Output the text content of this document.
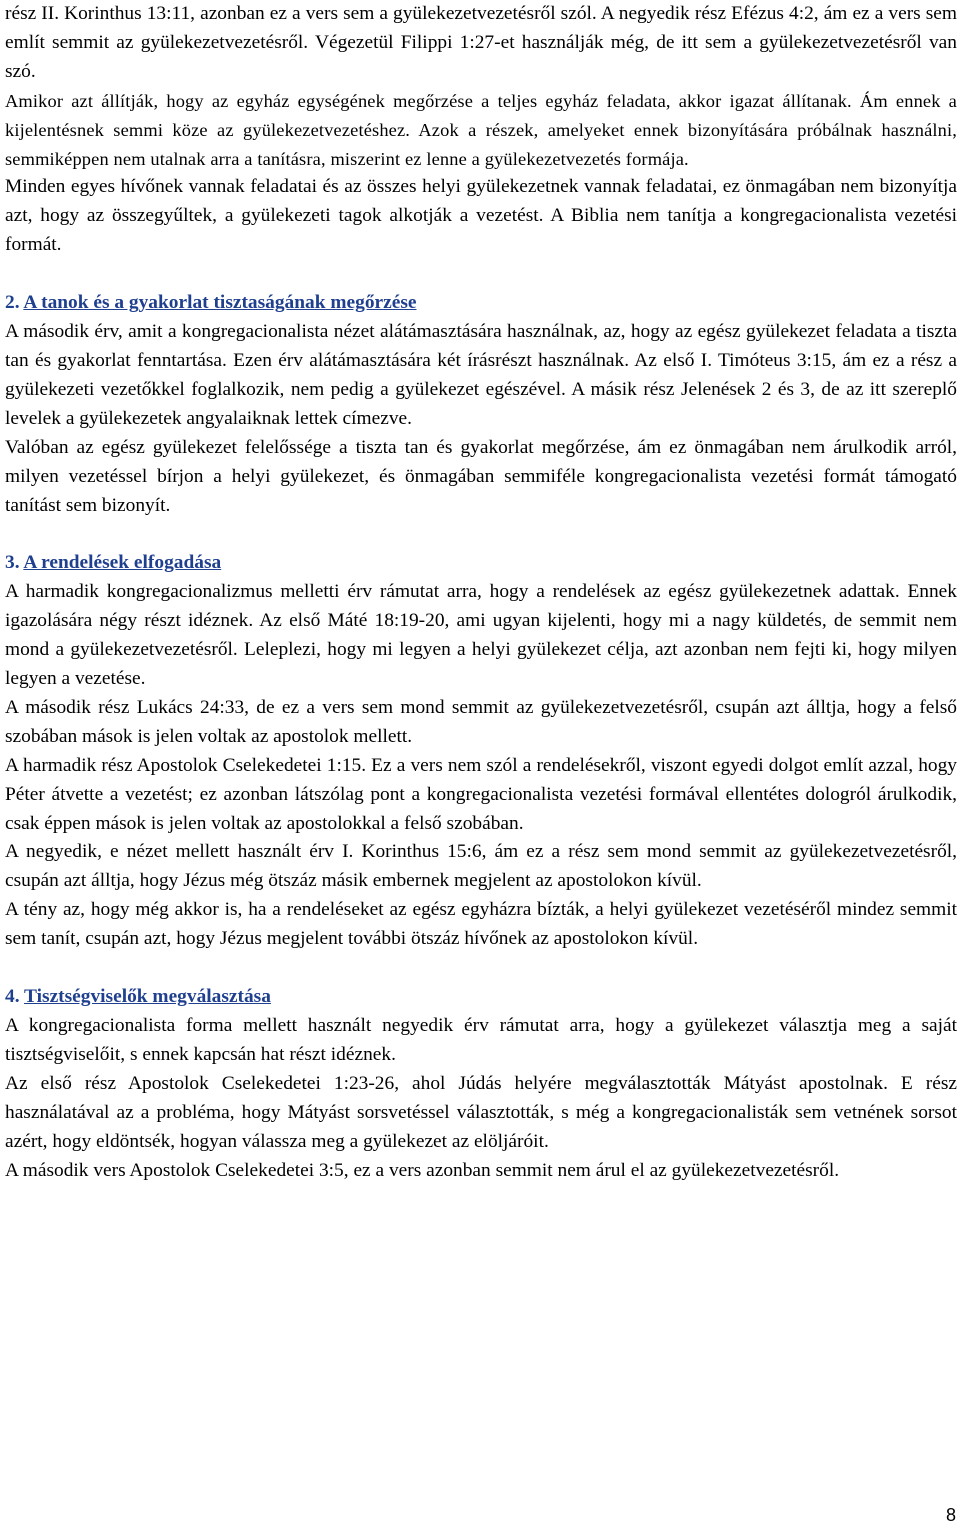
rész II. Korinthus 13:11, azonban ez a vers sem a gyülekezetvezetésről szól. A negyedik rész Efézus 4:2, ám ez a vers sem említ semmit az gyülekezetvezetésről. Végezetül Filippi 1:27-et használják még, de itt sem a gyülekezetvezetésről van szó.

Amikor azt állítják, hogy az egyház egységének megőrzése a teljes egyház feladata, akkor igazat állítanak. Ám ennek a kijelentésnek semmi köze az gyülekezetvezetéshez. Azok a részek, amelyeket ennek bizonyítására próbálnak használni, semmiképpen nem utalnak arra a tanításra, miszerint ez lenne a gyülekezetvezetés formája.

Minden egyes hívőnek vannak feladatai és az összes helyi gyülekezetnek vannak feladatai, ez önmagában nem bizonyítja azt, hogy az összegyűltek, a gyülekezeti tagok alkotják a vezetést. A Biblia nem tanítja a kongregacionalista vezetési formát.

2. A tanok és a gyakorlat tisztaságának megőrzése

A második érv, amit a kongregacionalista nézet alátámasztására használnak, az, hogy az egész gyülekezet feladata a tiszta tan és gyakorlat fenntartása. Ezen érv alátámasztására két írásrészt használnak. Az első I. Timóteus 3:15, ám ez a rész a gyülekezeti vezetőkkel foglalkozik, nem pedig a gyülekezet egészével. A másik rész Jelenések 2 és 3, de az itt szereplő levelek a gyülekezetek angyalaiknak lettek címezve.

Valóban az egész gyülekezet felelőssége a tiszta tan és gyakorlat megőrzése, ám ez önmagában nem árulkodik arról, milyen vezetéssel bírjon a helyi gyülekezet, és önmagában semmiféle kongregacionalista vezetési formát támogató tanítást sem bizonyít.

3. A rendelések elfogadása

A harmadik kongregacionalizmus melletti érv rámutat arra, hogy a rendelések az egész gyülekezetnek adattak. Ennek igazolására négy részt idéznek. Az első Máté 18:19-20, ami ugyan kijelenti, hogy mi a nagy küldetés, de semmit nem mond a gyülekezetvezetésről. Leleplezi, hogy mi legyen a helyi gyülekezet célja, azt azonban nem fejti ki, hogy milyen legyen a vezetése.

A második rész Lukács 24:33, de ez a vers sem mond semmit az gyülekezetvezetésről, csupán azt álltja, hogy a felső szobában mások is jelen voltak az apostolok mellett.

A harmadik rész Apostolok Cselekedetei 1:15. Ez a vers nem szól a rendelésekről, viszont egyedi dolgot említ azzal, hogy Péter átvette a vezetést; ez azonban látszólag pont a kongregacionalista vezetési formával ellentétes dologról árulkodik, csak éppen mások is jelen voltak az apostolokkal a felső szobában.

A negyedik, e nézet mellett használt érv I. Korinthus 15:6, ám ez a rész sem mond semmit az gyülekezetvezetésről, csupán azt álltja, hogy Jézus még ötszáz másik embernek megjelent az apostolokon kívül.

A tény az, hogy még akkor is, ha a rendeléseket az egész egyházra bízták, a helyi gyülekezet vezetéséről mindez semmit sem tanít, csupán azt, hogy Jézus megjelent további ötszáz hívőnek az apostolokon kívül.

4. Tisztségviselők megválasztása

A kongregacionalista forma mellett használt negyedik érv rámutat arra, hogy a gyülekezet választja meg a saját tisztségviselőit, s ennek kapcsán hat részt idéznek.

Az első rész Apostolok Cselekedetei 1:23-26, ahol Júdás helyére megválasztották Mátyást apostolnak. E rész használatával az a probléma, hogy Mátyást sorsvetéssel választották, s még a kongregacionalisták sem vetnének sorsot azért, hogy eldöntsék, hogyan válassza meg a gyülekezet az elöljáróit.

A második vers Apostolok Cselekedetei 3:5, ez a vers azonban semmit nem árul el az gyülekezetvezetésről.

8
